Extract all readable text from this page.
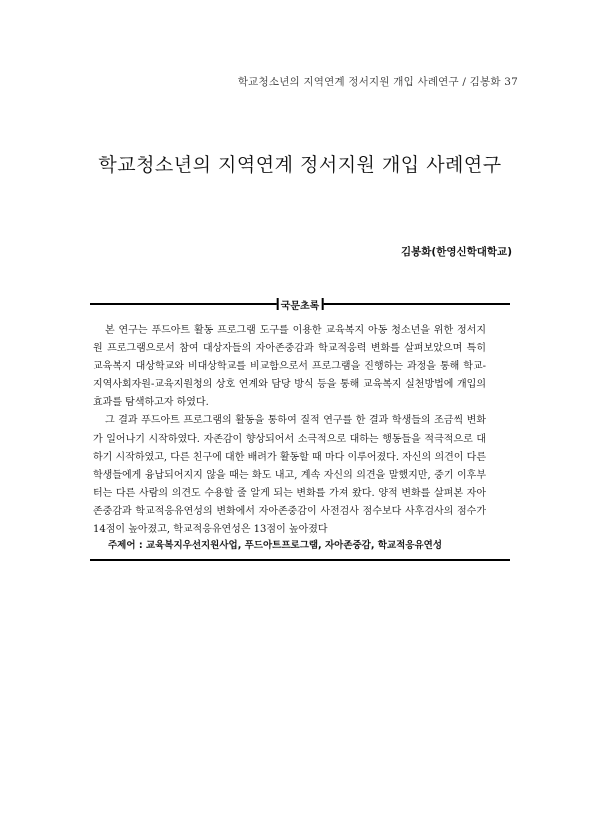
학교청소년의 지역연계 정서지원 개입 사례연구 / 김봉화 37
학교청소년의 지역연계 정서지원 개입 사례연구
김봉화(한영신학대학교)
국문초록

본 연구는 푸드아트 활동 프로그램 도구를 이용한 교육복지 아동 청소년을 위한 정서지원 프로그램으로서 참여 대상자들의 자아존중감과 학교적응력 변화를 살펴보았으며 특히 교육복지 대상학교와 비대상학교를 비교함으로서 프로그램을 진행하는 과정을 통해 학교-지역사회자원-교육지원청의 상호 연계와 담당 방식 등을 통해 교육복지 실천방법에 개입의 효과를 탐색하고자 하였다.

그 결과 푸드아트 프로그램의 활동을 통하여 질적 연구를 한 결과 학생들의 조금씩 변화가 일어나기 시작하였다. 자존감이 향상되어서 소극적으로 대하는 행동들을 적극적으로 대하기 시작하였고, 다른 친구에 대한 배려가 활동할 때 마다 이루어졌다. 자신의 의견이 다른 학생들에게 융납되어지지 않을 때는 화도 내고, 계속 자신의 의견을 말했지만, 중기 이후부터는 다른 사람의 의견도 수용할 줄 알게 되는 변화를 가져 왔다. 양적 변화를 살펴본 자아존중감과 학교적응유연성의 변화에서 자아존중감이 사전검사 점수보다 사후검사의 점수가 14점이 높아졌고, 학교적응유연성은 13점이 높아졌다

주제어 : 교육복지우선지원사업, 푸드아트프로그램, 자아존중감, 학교적응유연성
